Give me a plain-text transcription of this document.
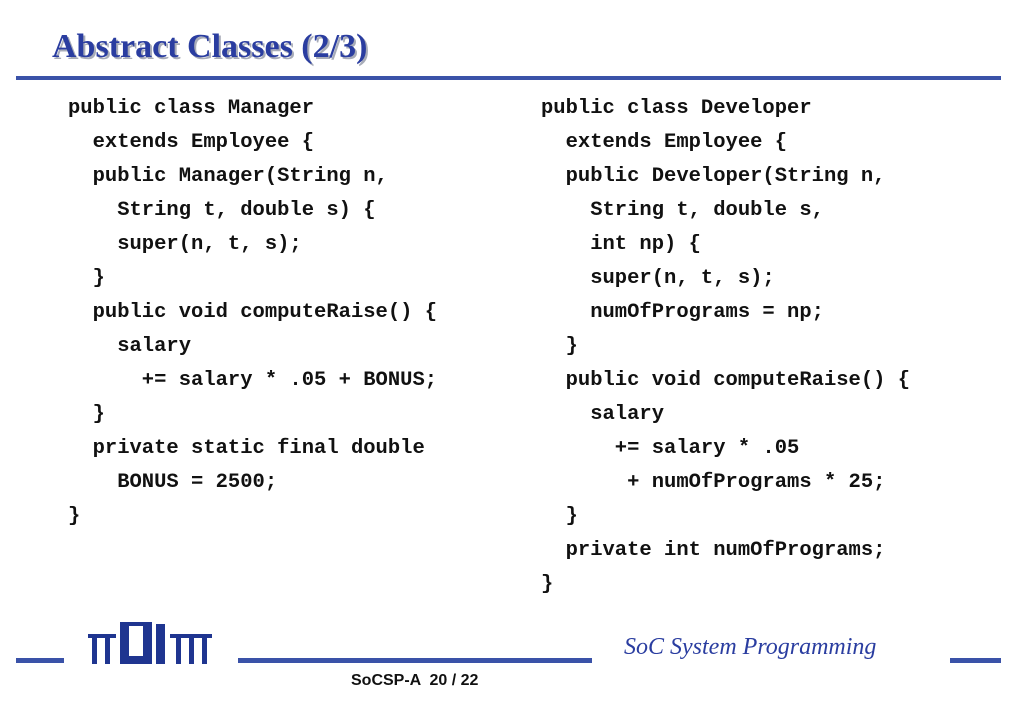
Abstract Classes (2/3)
public class Manager
extends Employee {
public Manager(String n,
String t, double s) {
super(n, t, s);
}
public void computeRaise() {
salary
+= salary * .05 + BONUS;
}
private static final double
BONUS = 2500;
}
public class Developer
extends Employee {
public Developer(String n,
String t, double s,
int np) {
super(n, t, s);
numOfPrograms = np;
}
public void computeRaise() {
salary
+= salary * .05
+ numOfPrograms * 25;
}
private int numOfPrograms;
}
SoC System Programming
SoCSP-A  20 / 22
